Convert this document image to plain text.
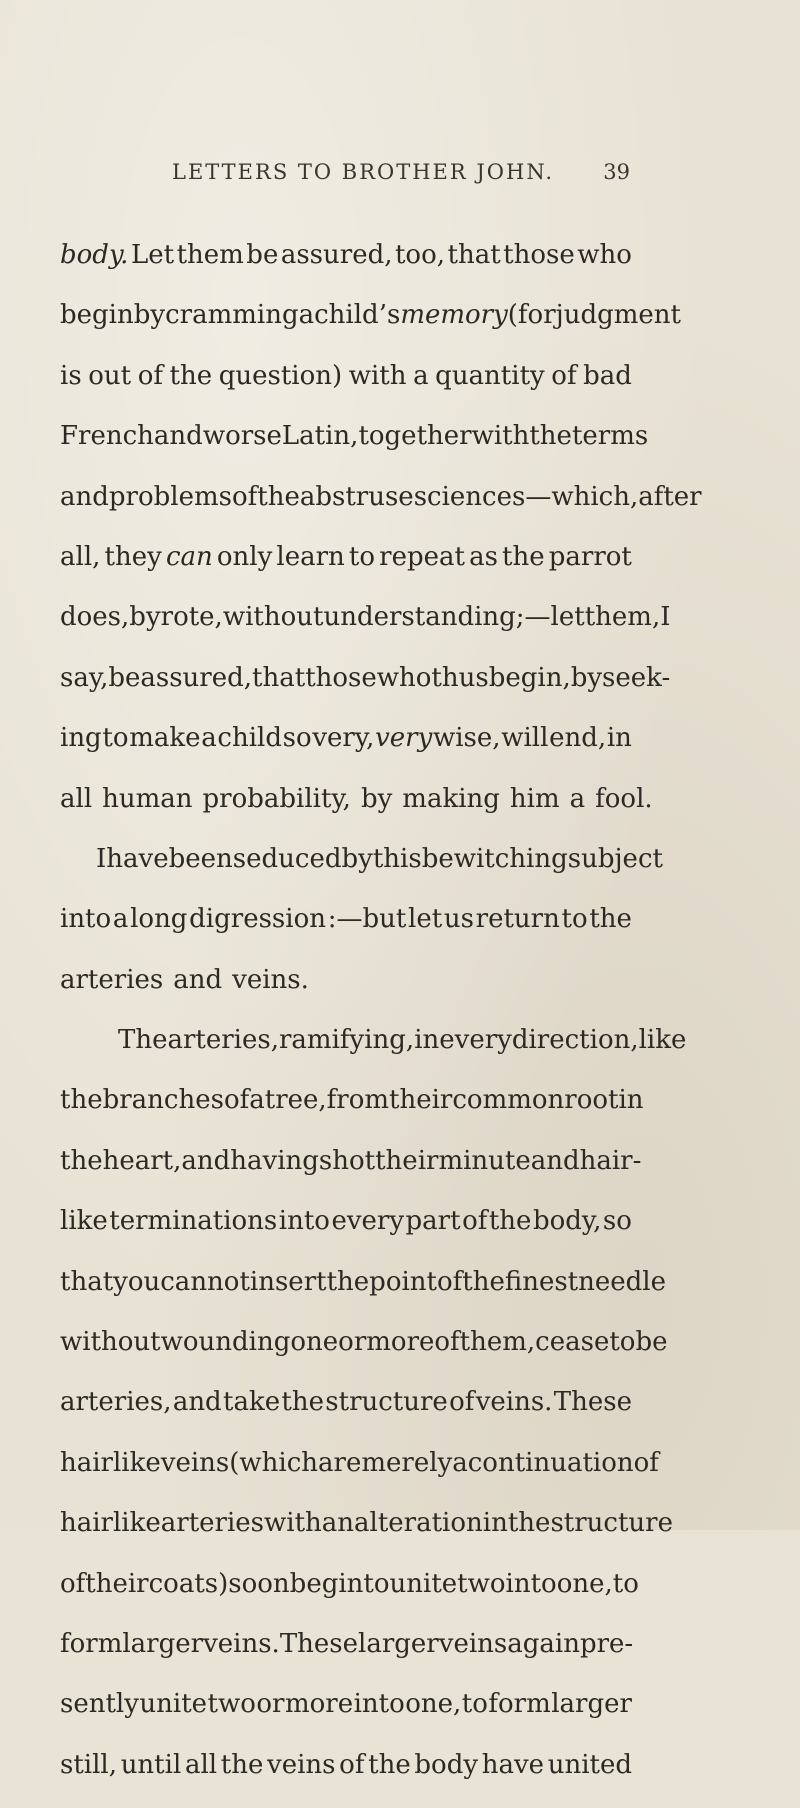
LETTERS TO BROTHER JOHN. 39
body. Let them be assured, too, that those who
begin by cramming a child’s memory (for judgment
is out of the question) with a quantity of bad
French and worse Latin, together with the terms
and problems of the abstruse sciences—which, after
all, they can only learn to repeat as the parrot
does, by rote, without understanding ;—let them, I
say, be assured, that those who thus begin, by seek-
ing to make a child so very, very wise, will end, in
all human probability, by making him a fool.
I have been seduced by this bewitching subject
into a long digression :—but let us return to the
arteries and veins.
The arteries, ramifying, in every direction, like
the branches of a tree, from their common root in
the heart, and having shot their minute and hair-
like terminations into every part of the body, so
that you cannot insert the point of the finest needle
without wounding one or more of them, cease to be
arteries, and take the structure of veins. These
hairlike veins (which are merely a continuation of
hairlike arteries with an alteration in the structure
of their coats) soon begin to unite two into one, to
form larger veins. These larger veins again pre-
sently unite two or more into one, to form larger
still, until all the veins of the body have united
